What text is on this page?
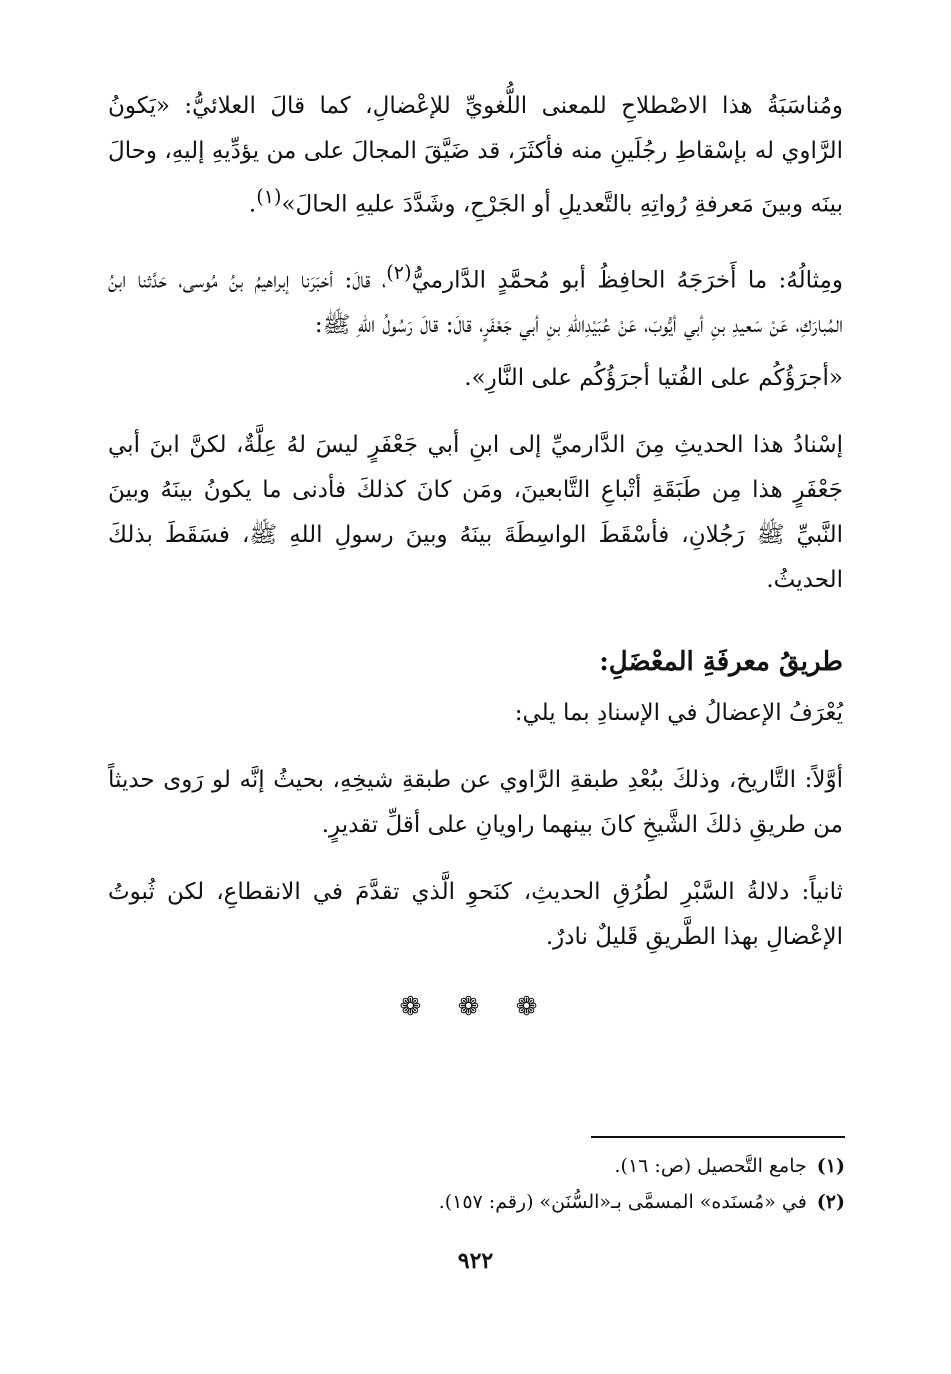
ومُناسَبَةُ هذا الاصْطلاحِ للمعنى اللُّغويِّ للإعْضالِ، كما قالَ العلائيُّ: «يَكونُ الرَّاوي له بإسْقاطِ رجُلَينِ منه فأكثَرَ، قد ضَيَّقَ المجالَ على من يؤدِّيهِ إليهِ، وحالَ بينَه وبينَ مَعرفةِ رُواتِهِ بالتَّعديلِ أو الجَرْحِ، وشَدَّدَ عليهِ الحالَ»$^{(١)}$.

ومِثالُهُ: ما أَخرَجَهُ الحافِظُ أبو مُحمَّدٍ الدَّارميُّ$^{(٢)}$، قالَ: أخبَرَنا إبراهيمُ بنُ مُوسى، حَدَّثنا ابنُ المُبارَكِ، عَنْ سَعيدِ بنِ أبي أيُّوبَ، عَنْ عُبَيْدِاللهِ بنِ أبي جَعْفَرٍ، قالَ: قالَ رَسُولُ اللهِ ﷺ:

«أجرَؤُكُم على الفُتيا أجرَؤُكُم على النَّارِ».

إسْنادُ هذا الحديثِ مِنَ الدَّارميِّ إلى ابنِ أبي جَعْفَرٍ ليسَ لهُ عِلَّةٌ، لكنَّ ابنَ أبي جَعْفَرٍ هذا مِن طَبَقَةِ أتْباعِ التَّابعينَ، ومَن كانَ كذلكَ فأدنى ما يكونُ بينَهُ وبينَ النَّبيِّ ﷺ رَجُلانِ، فأسْقَطَ الواسِطَةَ بينَهُ وبينَ رسولِ اللهِ ﷺ، فسَقَطَ بذلكَ الحديثُ.

طريقُ معرفَةِ المعْضَلِ:

يُعْرَفُ الإعضالُ في الإسنادِ بما يلي:

أوَّلاً: التَّاريخ، وذلكَ ببُعْدِ طبقةِ الرَّاوي عن طبقةِ شيخِهِ، بحيثُ إنَّه لو رَوى حديثاً من طريقِ ذلكَ الشَّيخِ كانَ بينهما راويانِ على أقلِّ تقديرٍ.

ثانياً: دلالةُ السَّبْرِ لطُرُقِ الحديثِ، كنَحوِ الَّذي تقدَّمَ في الانقطاعِ، لكن ثُبوتُ الإعْضالِ بهذا الطَّريقِ قَليلٌ نادرٌ.

❁ ❁ ❁

(١)جامع التَّحصيل (ص: ١٦).

(٢)في «مُسنَده» المسمَّى بـ«السُّنَن» (رقم: ١٥٧).

٩٢٢
